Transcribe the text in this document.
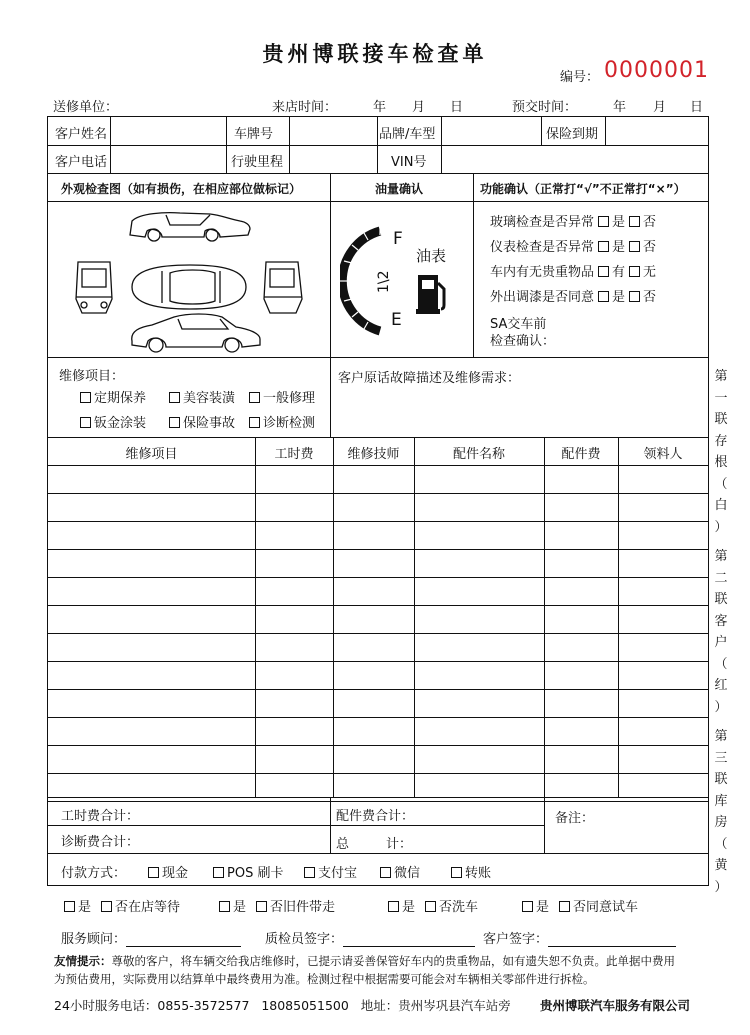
贵州博联接车检查单
编号： 0000001
送修单位：	来店时间：	年 月 日	预交时间：	年 月 日
客户姓名	车牌号	品牌/车型	保险到期
客户电话	行驶里程	VIN号
外观检查图（如有损伤，在相应部位做标记）	油量确认	功能确认（正常打“√”不正常打“×”）
F
1\2
E
油表
玻璃检查是否异常 是 否
仪表检查是否异常 是 否
车内有无贵重物品 有 无
外出调漆是否同意 是 否
SA交车前
检查确认：
维修项目：
定期保养	美容装潢	一般修理
钣金涂装	保险事故	诊断检测
客户原话故障描述及维修需求：
维修项目	工时费	维修技师	配件名称	配件费	领料人
工时费合计：	配件费合计：	备注：
诊断费合计：	总	计：
付款方式：	现金	POS 刷卡	支付宝	微信	转账
第
一
联
存
根
（
白
）
第
二
联
客
户
（
红
）
第
三
联
库
房
（
黄
）
是 否在店等待	是 否旧件带走	是 否洗车	是 否同意试车
服务顾问：	质检员签字：	客户签字：
友情提示：尊敬的客户，将车辆交给我店维修时，已提示请妥善保管好车内的贵重物品，如有遗失恕不负责。此单据中费用
为预估费用，实际费用以结算单中最终费用为准。检测过程中根据需要可能会对车辆相关零部件进行拆检。
24小时服务电话：0855-3572577 18085051500 地址：贵州岑巩县汽车站旁 贵州博联汽车服务有限公司
